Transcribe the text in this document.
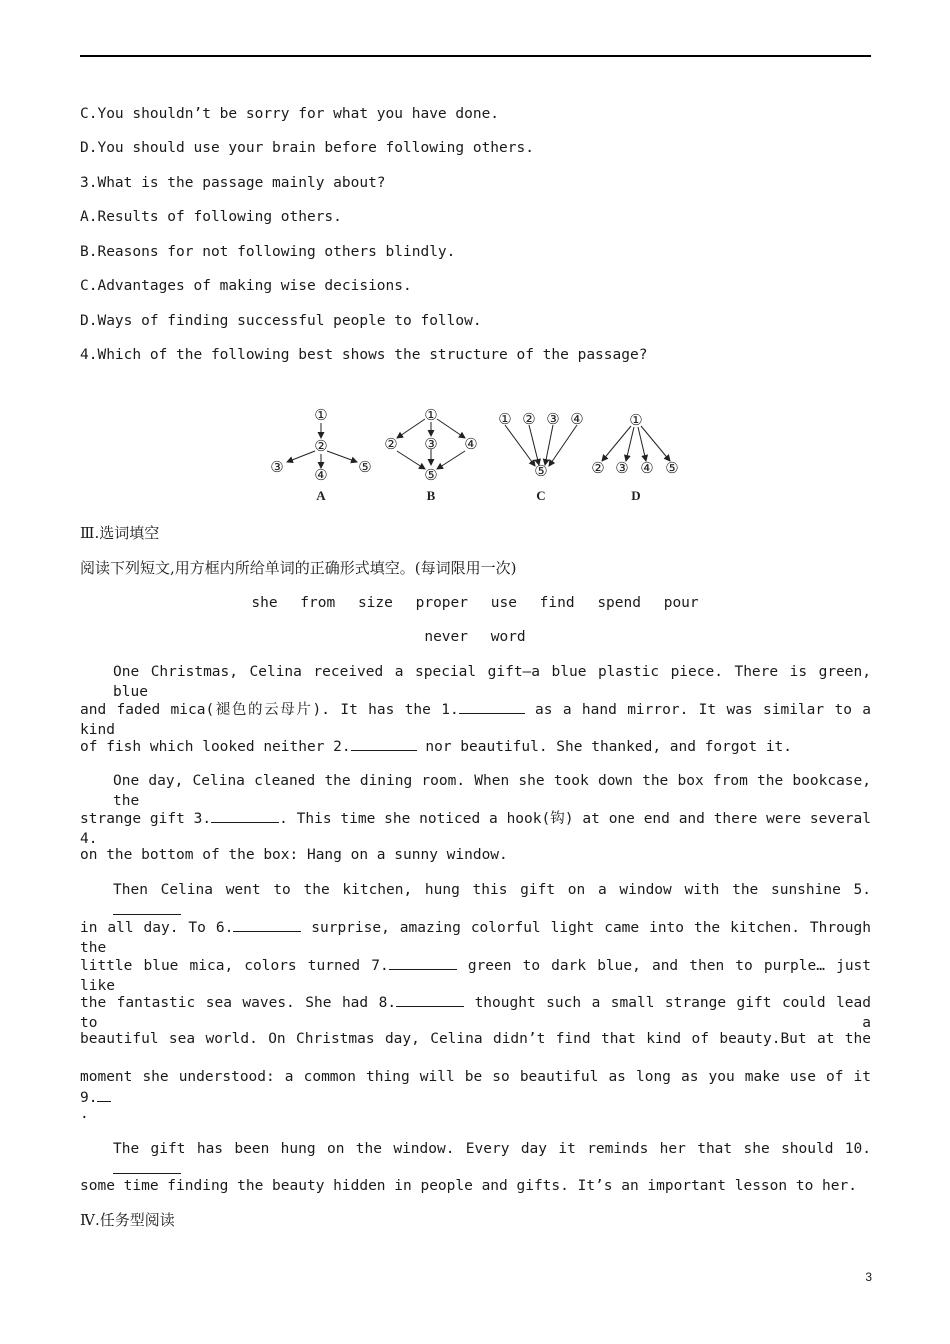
C.You shouldn’t be sorry for what you have done.
D.You should use your brain before following others.
3.What is the passage mainly about?
A.Results of following others.
B.Reasons for not following others blindly.
C.Advantages of making wise decisions.
D.Ways of finding successful people to follow.
4.Which of the following best shows the structure of the passage?
①
②
③ ④ ⑤
①
② ③ ④
⑤
① ② ③ ④
⑤
①
② ③ ④ ⑤
A	B	C	D
Ⅲ.选词填空
阅读下列短文,用方框内所给单词的正确形式填空。(每词限用一次)
she from size proper use find spend pour
never word
One Christmas, Celina received a special gift—a blue plastic piece. There is green, blue
and faded mica(褪色的云母片). It has the 1.	as a hand mirror. It was similar to a kind
of fish which looked neither 2.	nor beautiful. She thanked, and forgot it.
One day, Celina cleaned the dining room. When she took down the box from the bookcase, the
strange gift 3.	. This time she noticed a hook(钩) at one end and there were several 4.
on the bottom of the box: Hang on a sunny window.
Then Celina went to the kitchen, hung this gift on a window with the sunshine 5.
in all day. To 6.	surprise, amazing colorful light came into the kitchen. Through the
little blue mica, colors turned 7.	green to dark blue, and then to purple… just like
the fantastic sea waves. She had 8.	thought such a small strange gift could lead to a
beautiful sea world. On Christmas day, Celina didn’t find that kind of beauty.But at the
moment she understood: a common thing will be so beautiful as long as you make use of it 9.
.
The gift has been hung on the window. Every day it reminds her that she should 10.
some time finding the beauty hidden in people and gifts. It’s an important lesson to her.
Ⅳ.任务型阅读
3
